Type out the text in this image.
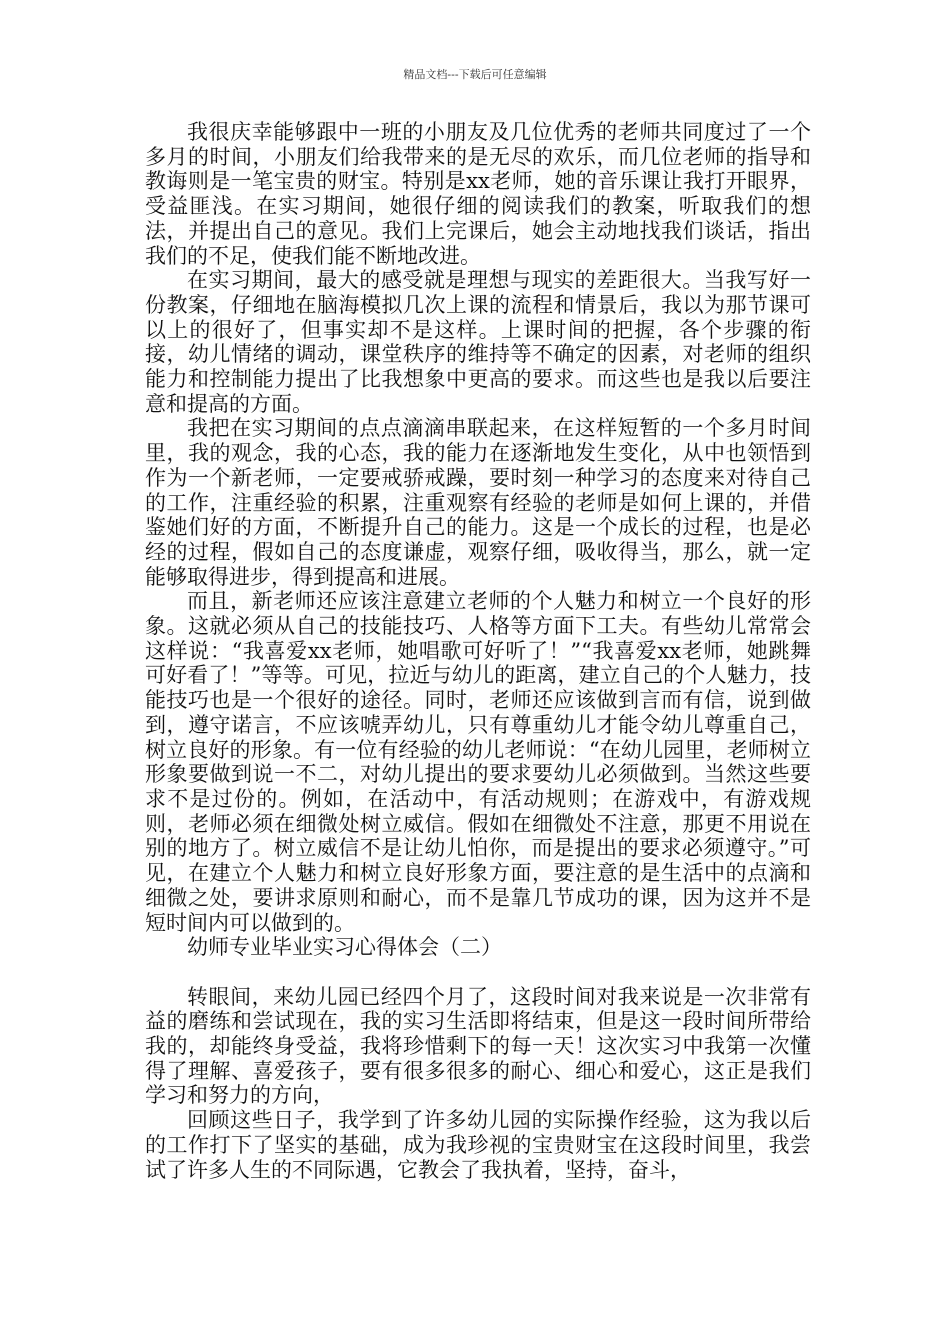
精品文档---下载后可任意编辑

我很庆幸能够跟中一班的小朋友及几位优秀的老师共同度过了一个多月的时间，小朋友们给我带来的是无尽的欢乐，而几位老师的指导和教诲则是一笔宝贵的财宝。特别是xx老师，她的音乐课让我打开眼界，受益匪浅。在实习期间，她很仔细的阅读我们的教案，听取我们的想法，并提出自己的意见。我们上完课后，她会主动地找我们谈话，指出我们的不足，使我们能不断地改进。

在实习期间，最大的感受就是理想与现实的差距很大。当我写好一份教案，仔细地在脑海模拟几次上课的流程和情景后，我以为那节课可以上的很好了，但事实却不是这样。上课时间的把握，各个步骤的衔接，幼儿情绪的调动，课堂秩序的维持等不确定的因素，对老师的组织能力和控制能力提出了比我想象中更高的要求。而这些也是我以后要注意和提高的方面。

我把在实习期间的点点滴滴串联起来，在这样短暂的一个多月时间里，我的观念，我的心态，我的能力在逐渐地发生变化，从中也领悟到作为一个新老师，一定要戒骄戒躁，要时刻一种学习的态度来对待自己的工作，注重经验的积累，注重观察有经验的老师是如何上课的，并借鉴她们好的方面，不断提升自己的能力。这是一个成长的过程，也是必经的过程，假如自己的态度谦虚，观察仔细，吸收得当，那么，就一定能够取得进步，得到提高和进展。

而且，新老师还应该注意建立老师的个人魅力和树立一个良好的形象。这就必须从自己的技能技巧、人格等方面下工夫。有些幼儿常常会这样说：“我喜爱xx老师，她唱歌可好听了！”“我喜爱xx老师，她跳舞可好看了！”等等。可见，拉近与幼儿的距离，建立自己的个人魅力，技能技巧也是一个很好的途径。同时，老师还应该做到言而有信，说到做到，遵守诺言，不应该唬弄幼儿，只有尊重幼儿才能令幼儿尊重自己，树立良好的形象。有一位有经验的幼儿老师说：“在幼儿园里，老师树立形象要做到说一不二，对幼儿提出的要求要幼儿必须做到。当然这些要求不是过份的。例如，在活动中，有活动规则；在游戏中，有游戏规则，老师必须在细微处树立威信。假如在细微处不注意，那更不用说在别的地方了。树立威信不是让幼儿怕你，而是提出的要求必须遵守。”可见，在建立个人魅力和树立良好形象方面，要注意的是生活中的点滴和细微之处，要讲求原则和耐心，而不是靠几节成功的课，因为这并不是短时间内可以做到的。

幼师专业毕业实习心得体会（二）

转眼间，来幼儿园已经四个月了，这段时间对我来说是一次非常有益的磨练和尝试现在，我的实习生活即将结束，但是这一段时间所带给我的，却能终身受益，我将珍惜剩下的每一天！这次实习中我第一次懂得了理解、喜爱孩子，要有很多很多的耐心、细心和爱心，这正是我们学习和努力的方向，

回顾这些日子，我学到了许多幼儿园的实际操作经验，这为我以后的工作打下了坚实的基础，成为我珍视的宝贵财宝在这段时间里，我尝试了许多人生的不同际遇，它教会了我执着，坚持，奋斗，
